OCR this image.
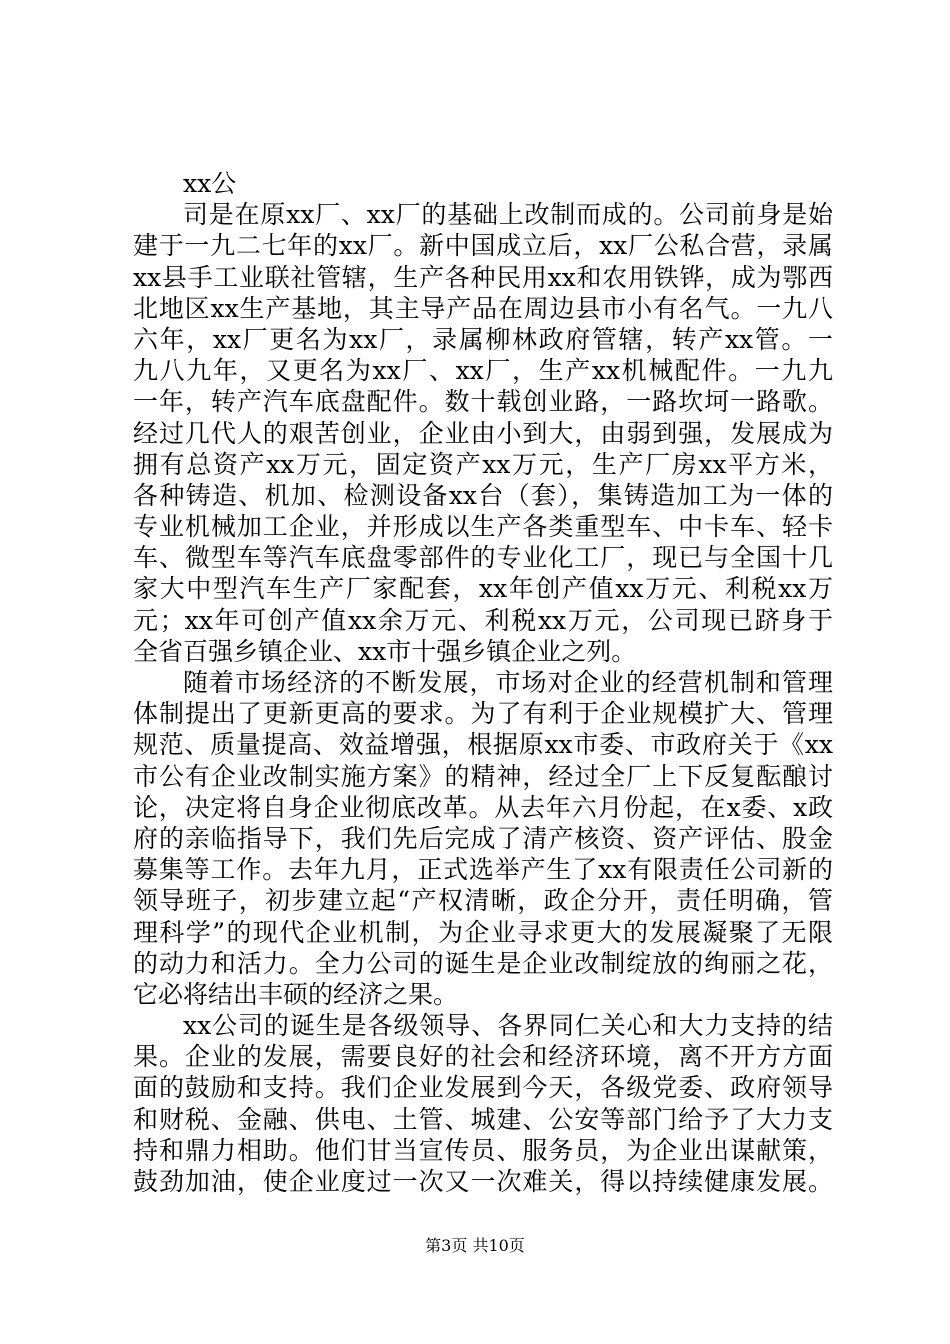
xx公
司是在原xx厂、xx厂的基础上改制而成的。公司前身是始
建于一九二七年的xx厂。新中国成立后，xx厂公私合营，录属
xx县手工业联社管辖，生产各种民用xx和农用铁铧，成为鄂西
北地区xx生产基地，其主导产品在周边县市小有名气。一九八
六年，xx厂更名为xx厂，录属柳林政府管辖，转产xx管。一
九八九年，又更名为xx厂、xx厂，生产xx机械配件。一九九
一年，转产汽车底盘配件。数十载创业路，一路坎坷一路歌。
经过几代人的艰苦创业，企业由小到大，由弱到强，发展成为
拥有总资产xx万元，固定资产xx万元，生产厂房xx平方米，
各种铸造、机加、检测设备xx台（套），集铸造加工为一体的
专业机械加工企业，并形成以生产各类重型车、中卡车、轻卡
车、微型车等汽车底盘零部件的专业化工厂，现已与全国十几
家大中型汽车生产厂家配套，xx年创产值xx万元、利税xx万
元；xx年可创产值xx余万元、利税xx万元，公司现已跻身于
全省百强乡镇企业、xx市十强乡镇企业之列。
随着市场经济的不断发展，市场对企业的经营机制和管理
体制提出了更新更高的要求。为了有利于企业规模扩大、管理
规范、质量提高、效益增强，根据原xx市委、市政府关于《xx
市公有企业改制实施方案》的精神，经过全厂上下反复酝酿讨
论，决定将自身企业彻底改革。从去年六月份起，在x委、x政
府的亲临指导下，我们先后完成了清产核资、资产评估、股金
募集等工作。去年九月，正式选举产生了xx有限责任公司新的
领导班子，初步建立起“产权清晰，政企分开，责任明确，管
理科学”的现代企业机制，为企业寻求更大的发展凝聚了无限
的动力和活力。全力公司的诞生是企业改制绽放的绚丽之花，
它必将结出丰硕的经济之果。
xx公司的诞生是各级领导、各界同仁关心和大力支持的结
果。企业的发展，需要良好的社会和经济环境，离不开方方面
面的鼓励和支持。我们企业发展到今天，各级党委、政府领导
和财税、金融、供电、土管、城建、公安等部门给予了大力支
持和鼎力相助。他们甘当宣传员、服务员，为企业出谋献策，
鼓劲加油，使企业度过一次又一次难关，得以持续健康发展。
第3页 共10页
